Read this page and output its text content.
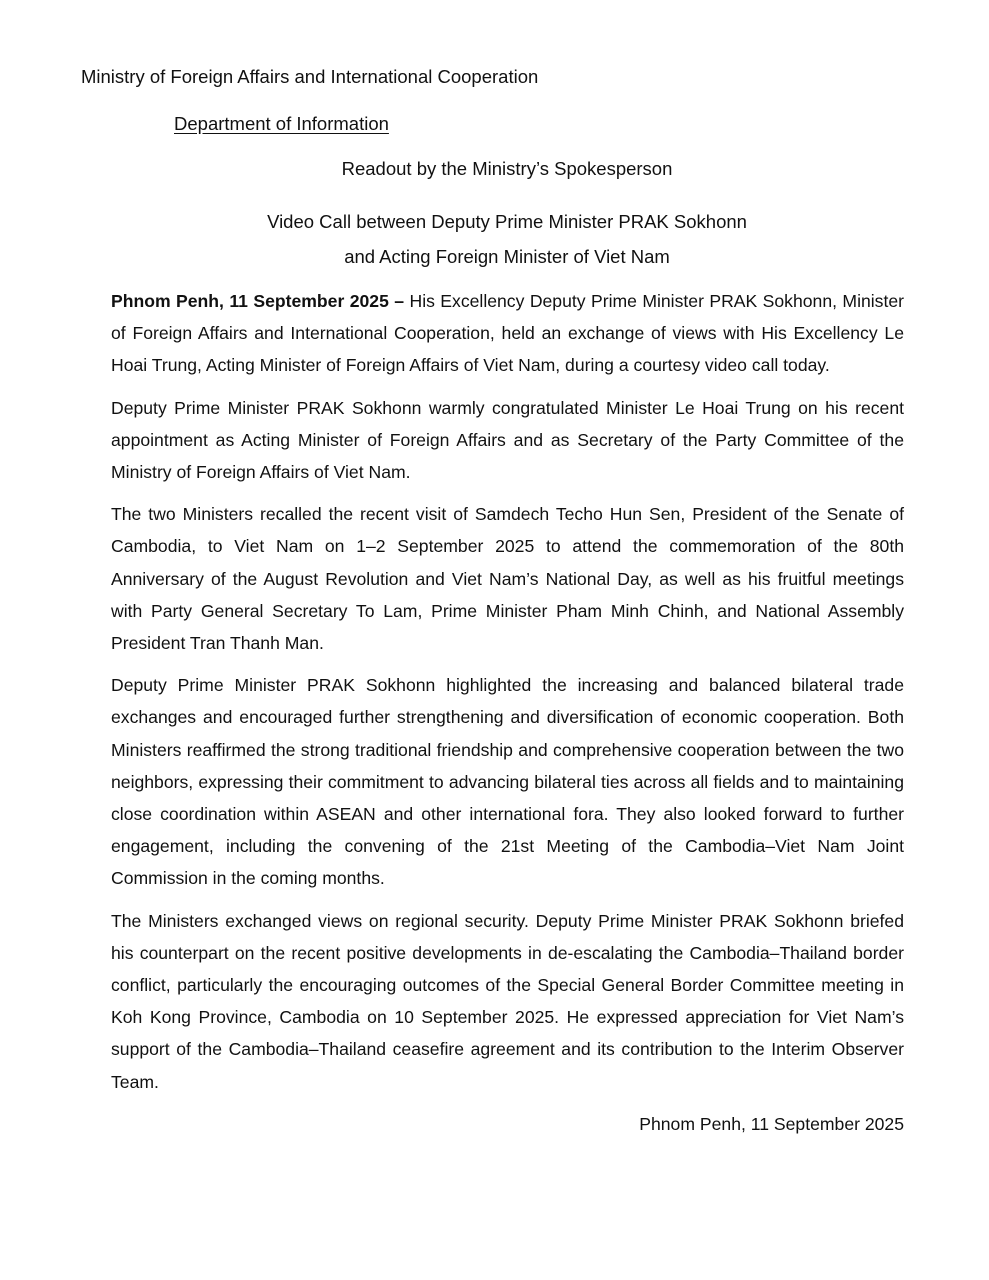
Ministry of Foreign Affairs and International Cooperation
Department of Information
Readout by the Ministry’s Spokesperson
Video Call between Deputy Prime Minister PRAK Sokhonn
and Acting Foreign Minister of Viet Nam

Phnom Penh, 11 September 2025 – His Excellency Deputy Prime Minister PRAK Sokhonn, Minister of Foreign Affairs and International Cooperation, held an exchange of views with His Excellency Le Hoai Trung, Acting Minister of Foreign Affairs of Viet Nam, during a courtesy video call today.

Deputy Prime Minister PRAK Sokhonn warmly congratulated Minister Le Hoai Trung on his recent appointment as Acting Minister of Foreign Affairs and as Secretary of the Party Committee of the Ministry of Foreign Affairs of Viet Nam.

The two Ministers recalled the recent visit of Samdech Techo Hun Sen, President of the Senate of Cambodia, to Viet Nam on 1–2 September 2025 to attend the commemoration of the 80th Anniversary of the August Revolution and Viet Nam’s National Day, as well as his fruitful meetings with Party General Secretary To Lam, Prime Minister Pham Minh Chinh, and National Assembly President Tran Thanh Man.

Deputy Prime Minister PRAK Sokhonn highlighted the increasing and balanced bilateral trade exchanges and encouraged further strengthening and diversification of economic cooperation. Both Ministers reaffirmed the strong traditional friendship and comprehensive cooperation between the two neighbors, expressing their commitment to advancing bilateral ties across all fields and to maintaining close coordination within ASEAN and other international fora. They also looked forward to further engagement, including the convening of the 21st Meeting of the Cambodia–Viet Nam Joint Commission in the coming months.

The Ministers exchanged views on regional security. Deputy Prime Minister PRAK Sokhonn briefed his counterpart on the recent positive developments in de-escalating the Cambodia–Thailand border conflict, particularly the encouraging outcomes of the Special General Border Committee meeting in Koh Kong Province, Cambodia on 10 September 2025. He expressed appreciation for Viet Nam’s support of the Cambodia–Thailand ceasefire agreement and its contribution to the Interim Observer Team.

Phnom Penh, 11 September 2025
